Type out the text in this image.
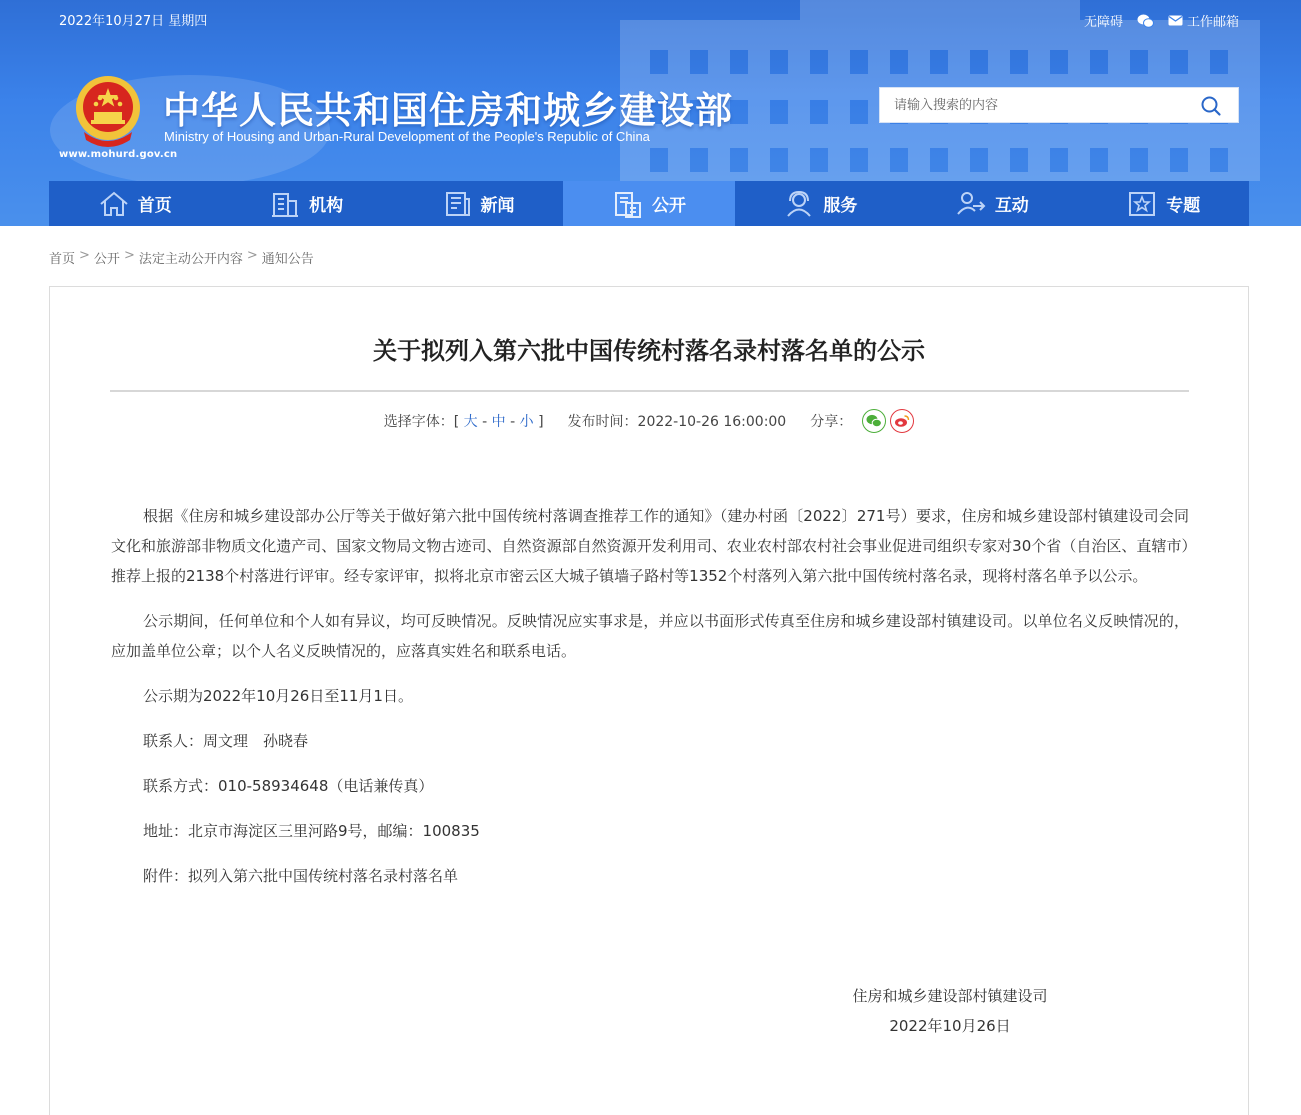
2022年10月27日 星期四	无障碍	工作邮箱
www.mohurd.gov.cn
中华人民共和国住房和城乡建设部
Ministry of Housing and Urban-Rural Development of the People's Republic of China
请输入搜索的内容
首页	机构	新闻	公开	服务	互动	专题
首页 > 公开 > 法定主动公开内容 > 通知公告
关于拟列入第六批中国传统村落名录村落名单的公示
选择字体：[ 大 - 中 - 小 ] 发布时间：2022-10-26 16:00:00 分享：

根据《住房和城乡建设部办公厅等关于做好第六批中国传统村落调查推荐工作的通知》（建办村函〔2022〕271号）要求，住房和城乡建设部村镇建设司会同文化和旅游部非物质文化遗产司、国家文物局文物古迹司、自然资源部自然资源开发利用司、农业农村部农村社会事业促进司组织专家对30个省（自治区、直辖市）推荐上报的2138个村落进行评审。经专家评审，拟将北京市密云区大城子镇墙子路村等1352个村落列入第六批中国传统村落名录，现将村落名单予以公示。

公示期间，任何单位和个人如有异议，均可反映情况。反映情况应实事求是，并应以书面形式传真至住房和城乡建设部村镇建设司。以单位名义反映情况的，应加盖单位公章；以个人名义反映情况的，应落真实姓名和联系电话。

公示期为2022年10月26日至11月1日。

联系人：周文理　孙晓春

联系方式：010-58934648（电话兼传真）

地址：北京市海淀区三里河路9号，邮编：100835

附件：拟列入第六批中国传统村落名录村落名单

住房和城乡建设部村镇建设司
2022年10月26日
